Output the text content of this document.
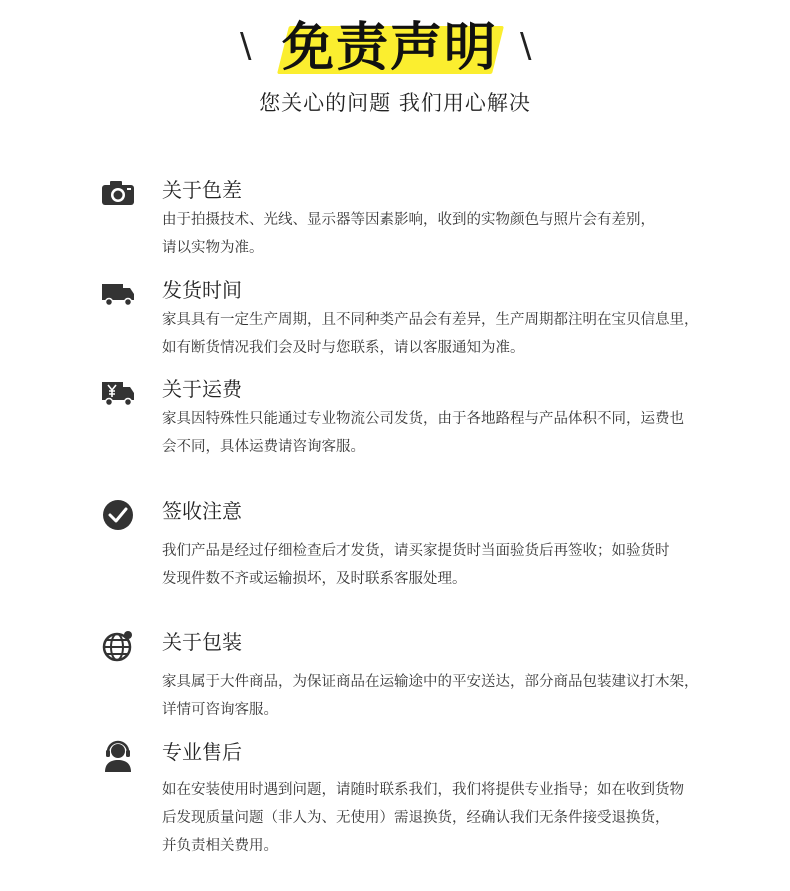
\ 免责声明 \
您关心的问题 我们用心解决
关于色差
由于拍摄技术、光线、显示器等因素影响，收到的实物颜色与照片会有差别，
请以实物为准。
发货时间
家具具有一定生产周期，且不同种类产品会有差异，生产周期都注明在宝贝信息里，
如有断货情况我们会及时与您联系，请以客服通知为准。
关于运费
家具因特殊性只能通过专业物流公司发货，由于各地路程与产品体积不同，运费也
会不同，具体运费请咨询客服。
签收注意
我们产品是经过仔细检查后才发货，请买家提货时当面验货后再签收；如验货时
发现件数不齐或运输损坏，及时联系客服处理。
关于包装
家具属于大件商品，为保证商品在运输途中的平安送达，部分商品包装建议打木架，
详情可咨询客服。
专业售后
如在安装使用时遇到问题，请随时联系我们，我们将提供专业指导；如在收到货物
后发现质量问题（非人为、无使用）需退换货，经确认我们无条件接受退换货，
并负责相关费用。
